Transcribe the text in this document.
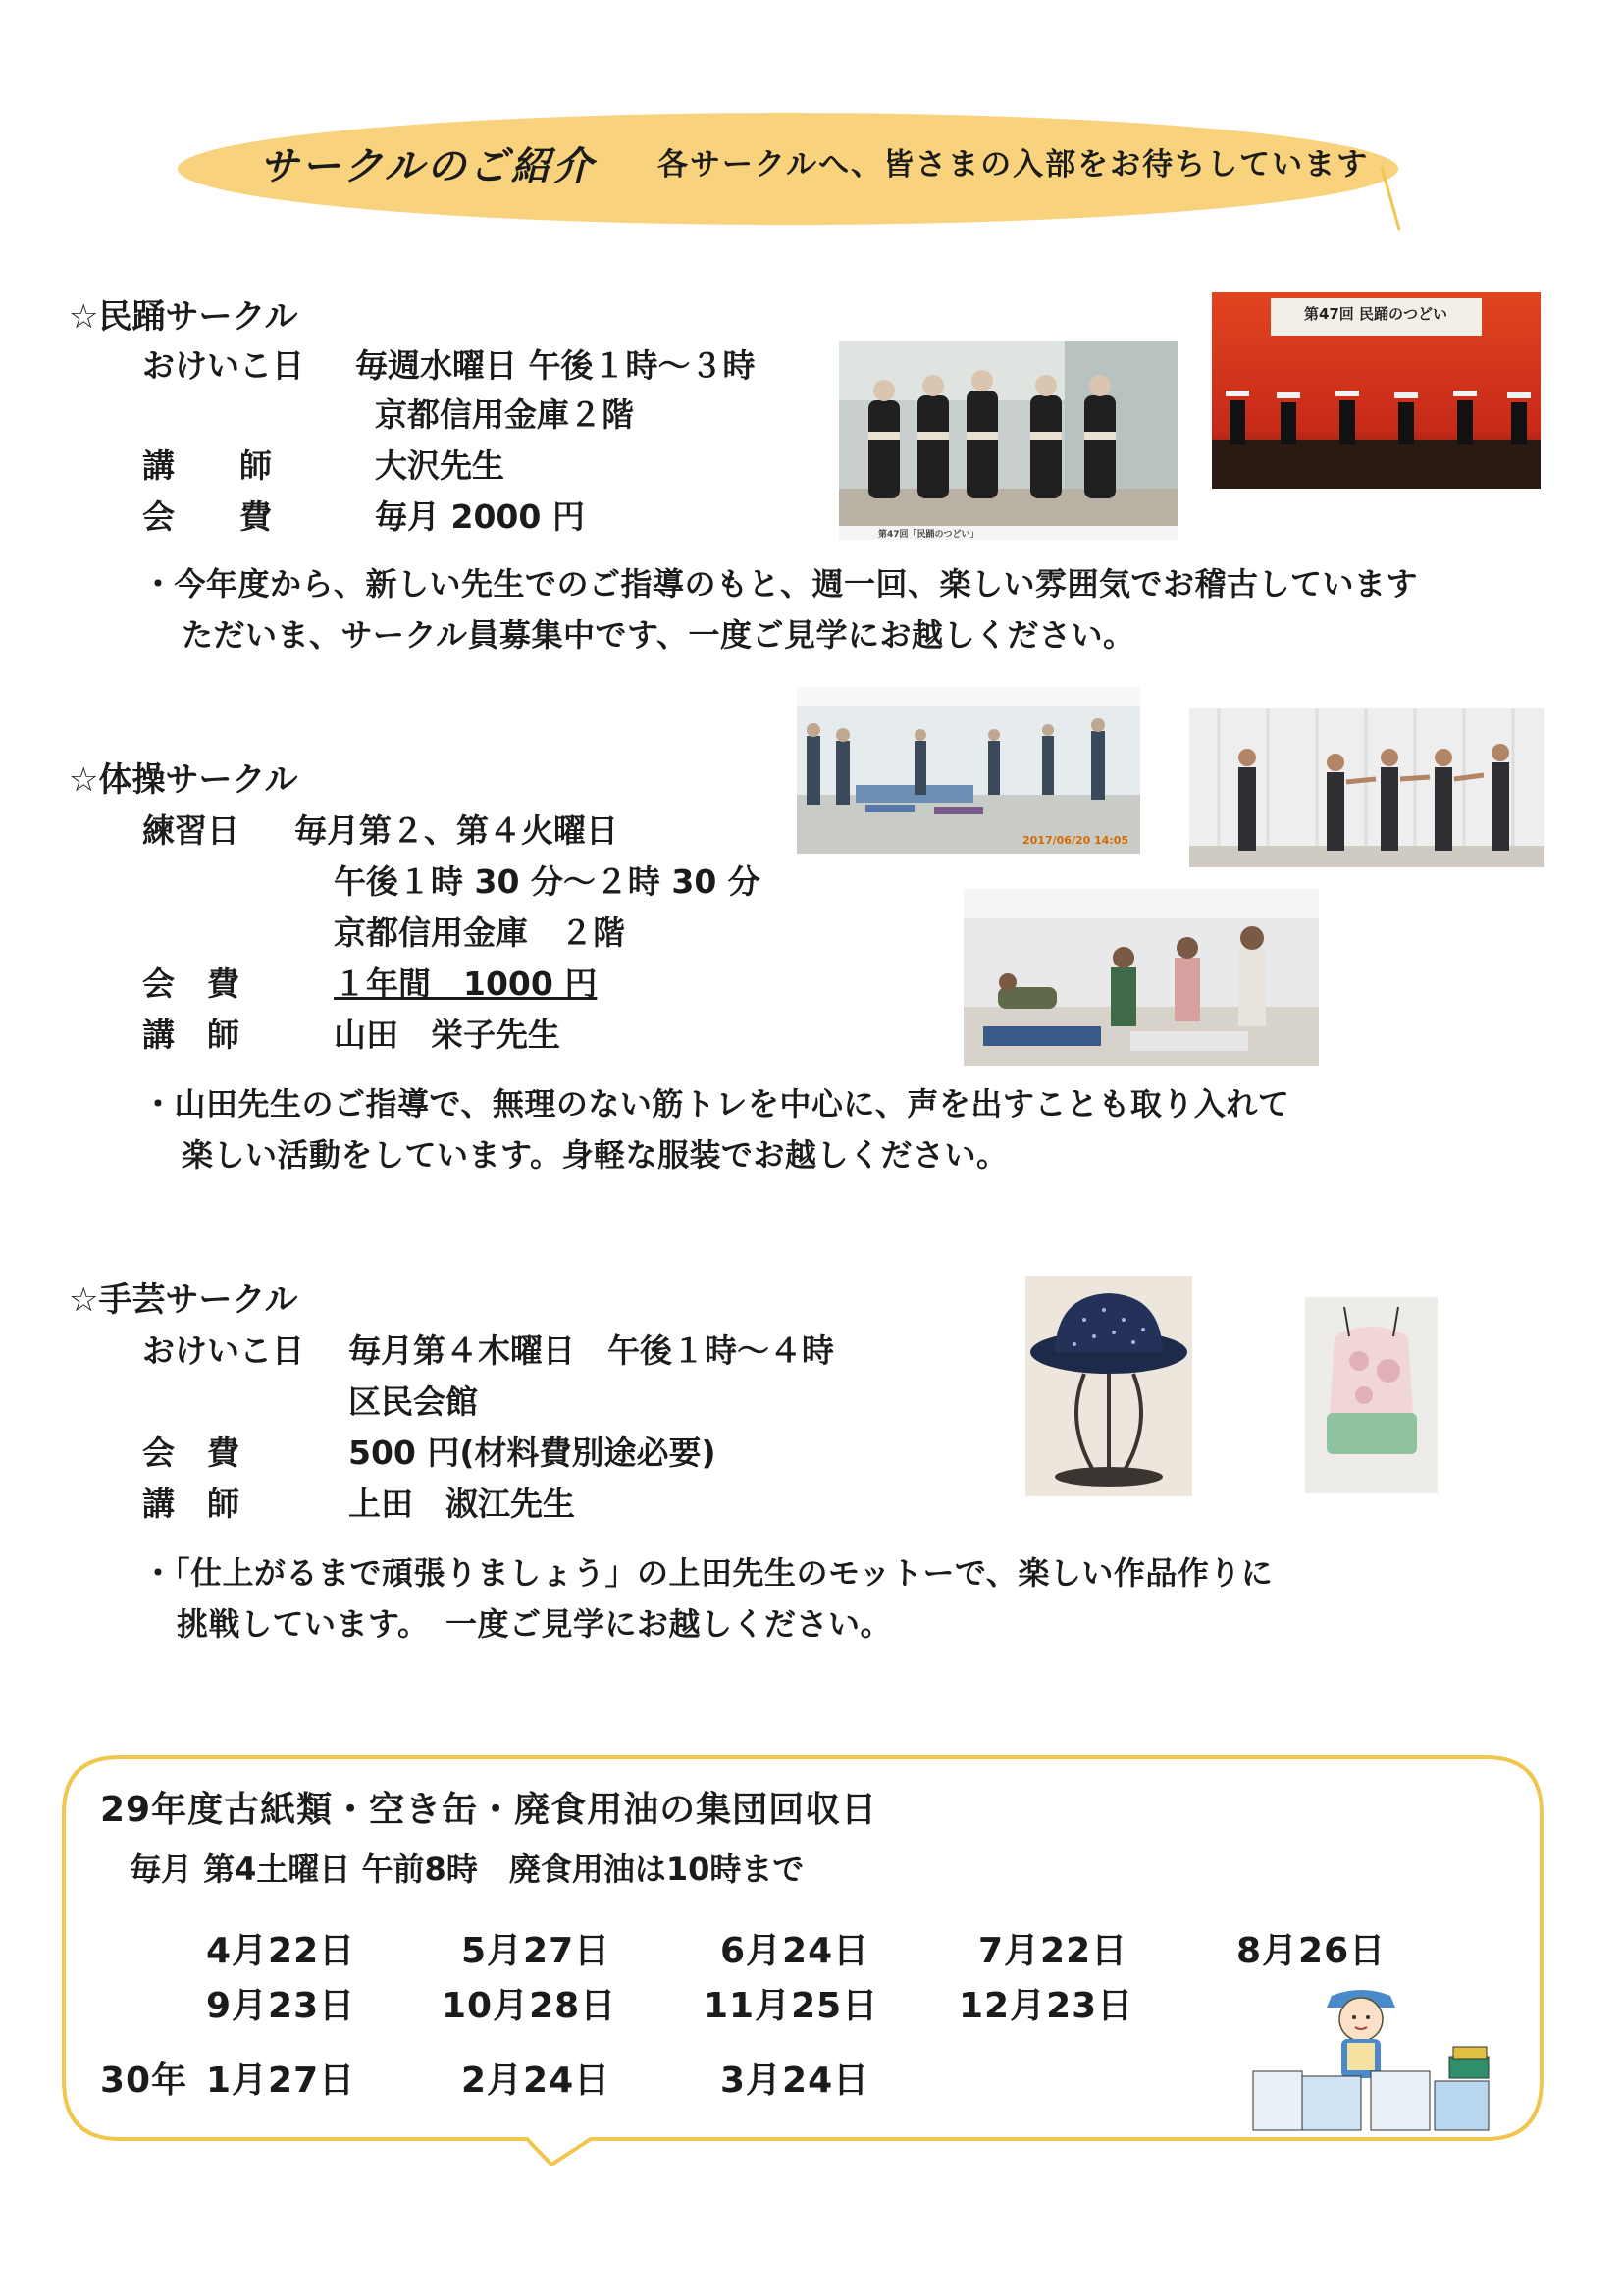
サークルのご紹介 各サークルへ、皆さまの入部をお待ちしています
☆民踊サークル
おけいこ日 毎週水曜日 午後１時～３時
京都信用金庫２階
講　　師	大沢先生
会　　費	毎月 2000 円
・今年度から、新しい先生でのご指導のもと、週一回、楽しい雰囲気でお稽古しています
ただいま、サークル員募集中です、一度ご見学にお越しください。
第47回「民踊のつどい」
第47回 民踊のつどい
☆体操サークル
練習日 毎月第２、第４火曜日
午後１時 30 分～２時 30 分
京都信用金庫　２階
会　費	１年間　1000 円
講　師	山田　栄子先生
・山田先生のご指導で、無理のない筋トレを中心に、声を出すことも取り入れて
楽しい活動をしています。身軽な服装でお越しください。
2017/06/20 14:05
☆手芸サークル
おけいこ日 毎月第４木曜日　午後１時～４時
区民会館
会　費	500 円(材料費別途必要)
講　師	上田　淑江先生
・「仕上がるまで頑張りましょう」の上田先生のモットーで、楽しい作品作りに
挑戦しています。　一度ご見学にお越しください。
29年度古紙類・空き缶・廃食用油の集団回収日
毎月 第4土曜日 午前8時　廃食用油は10時まで
4月22日	5月27日	6月24日	7月22日	8月26日
9月23日 10月28日 11月25日 12月23日
30年 1月27日	2月24日	3月24日
